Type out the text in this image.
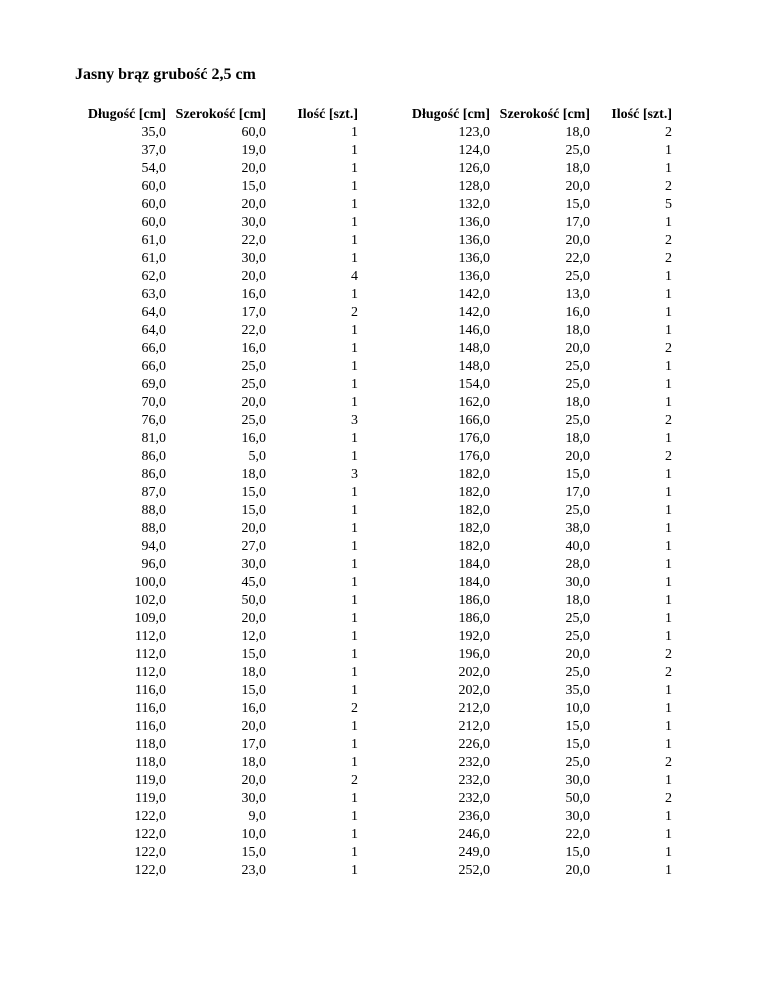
Jasny brąz grubość 2,5 cm
Długość [cm]	Szerokość [cm]	Ilość [szt.]
35,0	60,0	1
37,0	19,0	1
54,0	20,0	1
60,0	15,0	1
60,0	20,0	1
60,0	30,0	1
61,0	22,0	1
61,0	30,0	1
62,0	20,0	4
63,0	16,0	1
64,0	17,0	2
64,0	22,0	1
66,0	16,0	1
66,0	25,0	1
69,0	25,0	1
70,0	20,0	1
76,0	25,0	3
81,0	16,0	1
86,0	5,0	1
86,0	18,0	3
87,0	15,0	1
88,0	15,0	1
88,0	20,0	1
94,0	27,0	1
96,0	30,0	1
100,0	45,0	1
102,0	50,0	1
109,0	20,0	1
112,0	12,0	1
112,0	15,0	1
112,0	18,0	1
116,0	15,0	1
116,0	16,0	2
116,0	20,0	1
118,0	17,0	1
118,0	18,0	1
119,0	20,0	2
119,0	30,0	1
122,0	9,0	1
122,0	10,0	1
122,0	15,0	1
122,0	23,0	1
Długość [cm]	Szerokość [cm]	Ilość [szt.]
123,0	18,0	2
124,0	25,0	1
126,0	18,0	1
128,0	20,0	2
132,0	15,0	5
136,0	17,0	1
136,0	20,0	2
136,0	22,0	2
136,0	25,0	1
142,0	13,0	1
142,0	16,0	1
146,0	18,0	1
148,0	20,0	2
148,0	25,0	1
154,0	25,0	1
162,0	18,0	1
166,0	25,0	2
176,0	18,0	1
176,0	20,0	2
182,0	15,0	1
182,0	17,0	1
182,0	25,0	1
182,0	38,0	1
182,0	40,0	1
184,0	28,0	1
184,0	30,0	1
186,0	18,0	1
186,0	25,0	1
192,0	25,0	1
196,0	20,0	2
202,0	25,0	2
202,0	35,0	1
212,0	10,0	1
212,0	15,0	1
226,0	15,0	1
232,0	25,0	2
232,0	30,0	1
232,0	50,0	2
236,0	30,0	1
246,0	22,0	1
249,0	15,0	1
252,0	20,0	1
